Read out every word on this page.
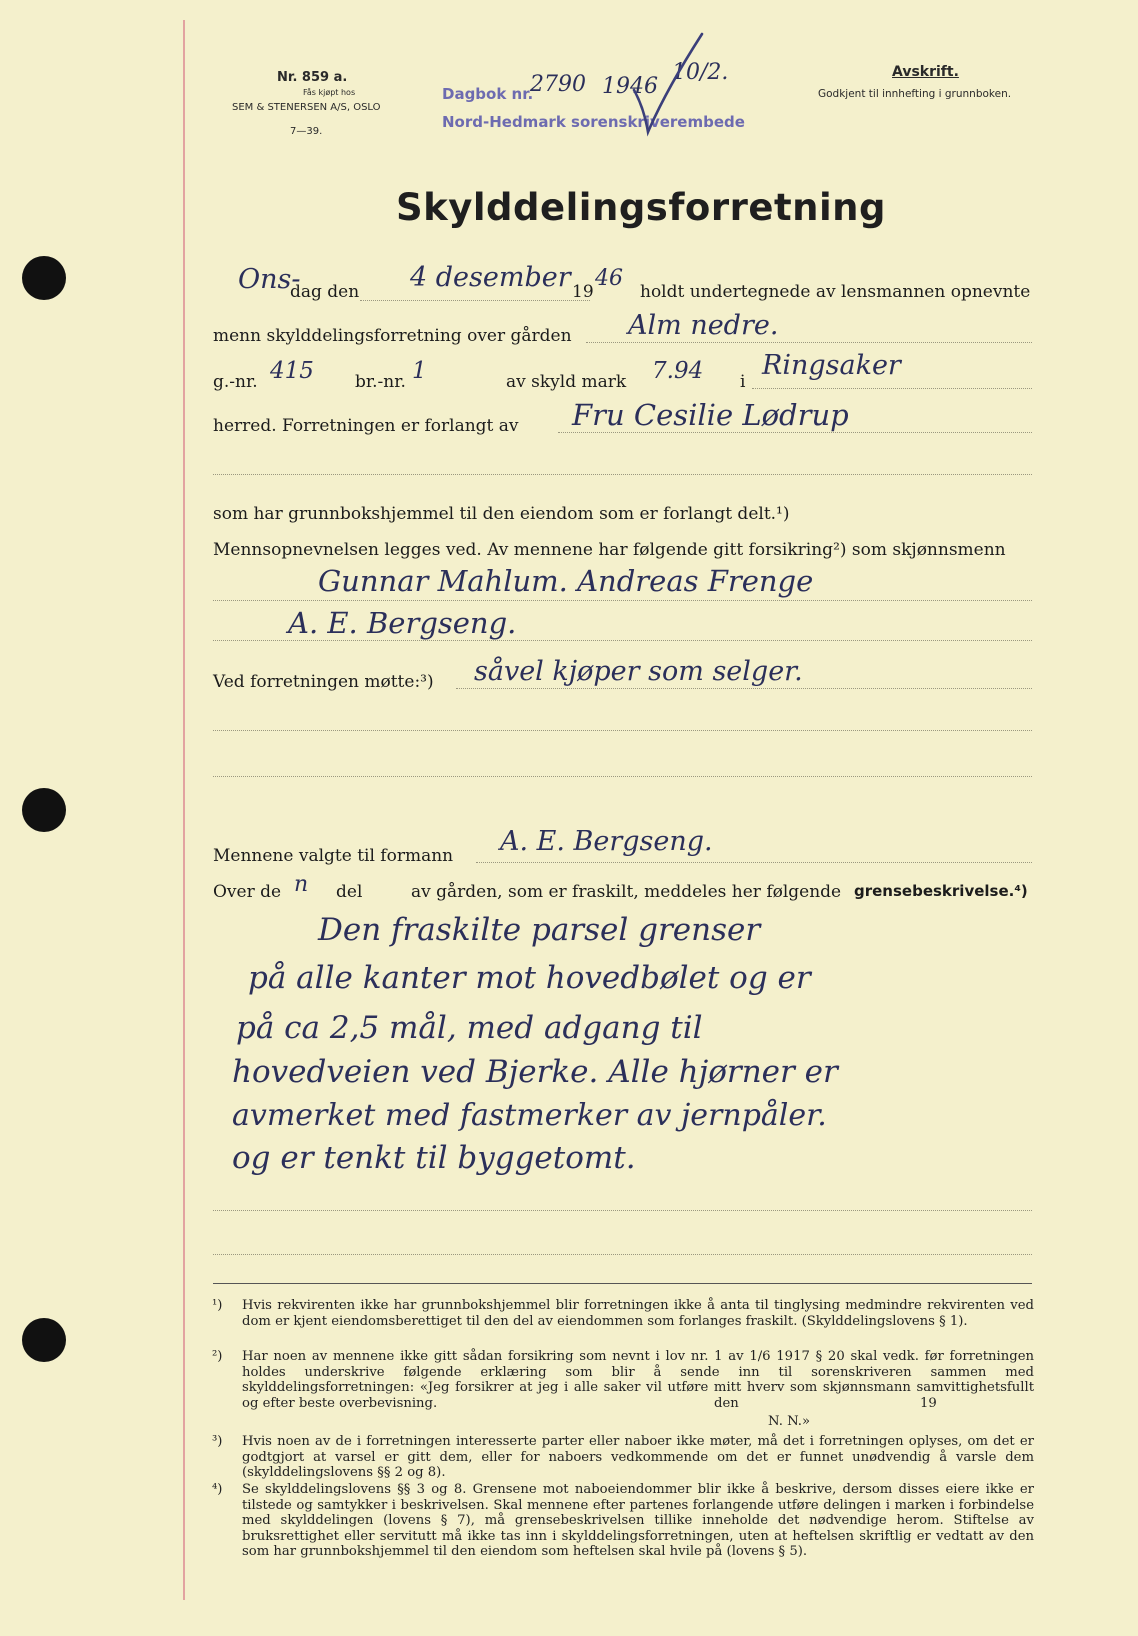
Nr. 859 a.
Fås kjøpt hos
SEM & STENERSEN A/S, OSLO
7—39.
Dagbok nr.
2790 1946
10/2.
Nord-Hedmark sorenskriverembede
Avskrift.
Godkjent til innhefting i grunnboken.
Skylddelingsforretning
Ons-
dag den 4 desember 19
46
holdt undertegnede av lensmannen opnevnte
menn skylddelingsforretning over gården Alm nedre.
g.-nr. 415 br.-nr. 1	av skyld mark 7.94 i
Ringsaker
herred. Forretningen er forlangt av Fru Cesilie Lødrup
som har grunnbokshjemmel til den eiendom som er forlangt delt.¹)
Mennsopnevnelsen legges ved. Av mennene har følgende gitt forsikring²) som skjønnsmenn
Gunnar Mahlum. Andreas Frenge
A. E. Bergseng.
Ved forretningen møtte:³) såvel kjøper som selger.
Mennene valgte til formann A. E. Bergseng.
Over de n del	av gården, som er fraskilt, meddeles her følgende grensebeskrivelse.⁴)
Den fraskilte parsel grenser
på alle kanter mot hovedbølet og er
på ca 2,5 mål, med adgang til
hovedveien ved Bjerke. Alle hjørner er
avmerket med fastmerker av jernpåler.
og er tenkt til byggetomt.
¹) Hvis rekvirenten ikke har grunnbokshjemmel blir forretningen ikke å anta til tinglysing medmindre rekvirenten ved dom er kjent eiendomsberettiget til den del av eiendommen som forlanges fraskilt. (Skylddelingslovens § 1).
²) Har noen av mennene ikke gitt sådan forsikring som nevnt i lov nr. 1 av 1/6 1917 § 20 skal vedk. før forretningen holdes underskrive følgende erklæring som blir å sende inn til sorenskriveren sammen med skylddelingsforretningen: «Jeg forsikrer at jeg i alle saker vil utføre mitt hverv som skjønnsmann samvittighetsfullt og efter beste overbevisning.	den	19
N. N.»
³) Hvis noen av de i forretningen interesserte parter eller naboer ikke møter, må det i forretningen oplyses, om det er godtgjort at varsel er gitt dem, eller for naboers vedkommende om det er funnet unødvendig å varsle dem (skylddelingslovens §§ 2 og 8).
⁴) Se skylddelingslovens §§ 3 og 8. Grensene mot naboeiendommer blir ikke å beskrive, dersom disses eiere ikke er tilstede og samtykker i beskrivelsen. Skal mennene efter partenes forlangende utføre delingen i marken i forbindelse med skylddelingen (lovens § 7), må grensebeskrivelsen tillike inneholde det nødvendige herom. Stiftelse av bruksrettighet eller servitutt må ikke tas inn i skylddelingsforretningen, uten at heftelsen skriftlig er vedtatt av den som har grunnbokshjemmel til den eiendom som heftelsen skal hvile på (lovens § 5).
